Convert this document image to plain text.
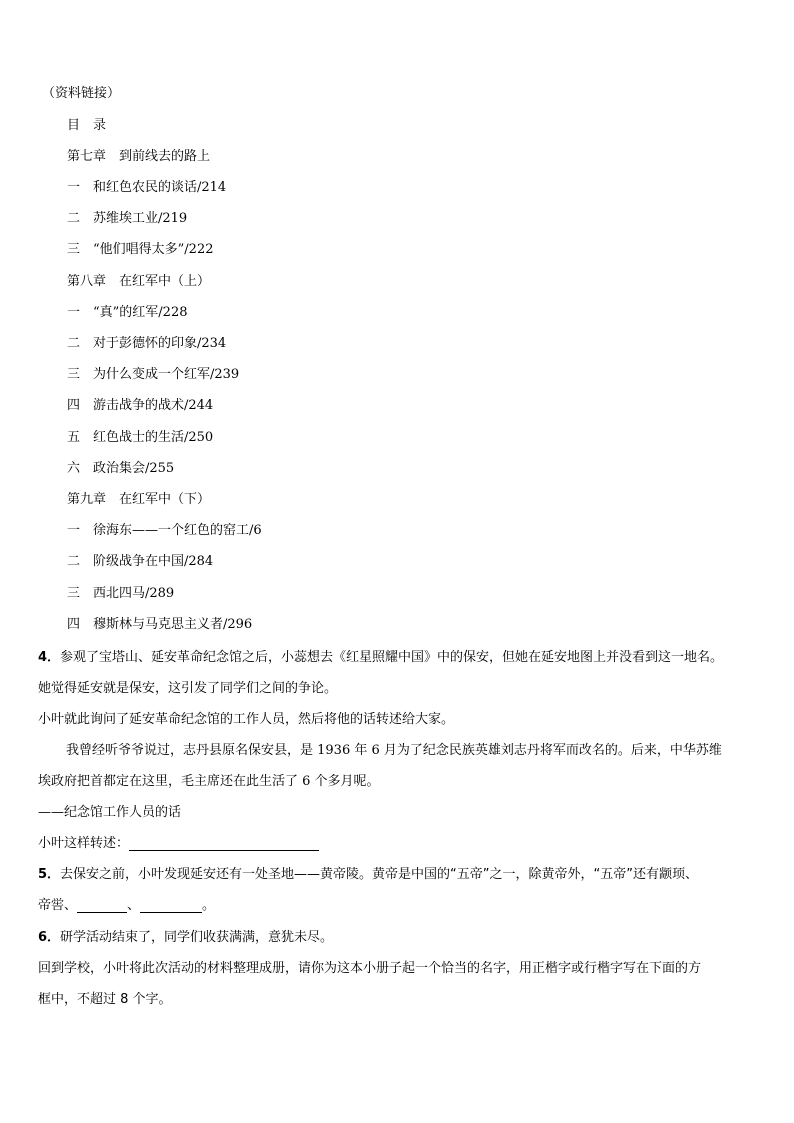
（资料链接）
目　录
第七章　到前线去的路上
一　和红色农民的谈话/214
二　苏维埃工业/219
三　“他们唱得太多”/222
第八章　在红军中（上）
一　“真”的红军/228
二　对于彭德怀的印象/234
三　为什么变成一个红军/239
四　游击战争的战术/244
五　红色战士的生活/250
六　政治集会/255
第九章　在红军中（下）
一　徐海东——一个红色的窑工/6
二　阶级战争在中国/284
三　西北四马/289
四　穆斯林与马克思主义者/296
4．参观了宝塔山、延安革命纪念馆之后，小蕊想去《红星照耀中国》中的保安，但她在延安地图上并没看到这一地名。
她觉得延安就是保安，这引发了同学们之间的争论。
小叶就此询问了延安革命纪念馆的工作人员，然后将他的话转述给大家。
我曾经听爷爷说过，志丹县原名保安县，是 1936 年 6 月为了纪念民族英雄刘志丹将军而改名的。后来，中华苏维
埃政府把首都定在这里，毛主席还在此生活了 6 个多月呢。
——纪念馆工作人员的话
小叶这样转述：
5．去保安之前，小叶发现延安还有一处圣地——黄帝陵。黄帝是中国的“五帝”之一，除黄帝外，“五帝”还有颛顼、
帝喾、	、	。
6．研学活动结束了，同学们收获满满，意犹未尽。
回到学校，小叶将此次活动的材料整理成册，请你为这本小册子起一个恰当的名字，用正楷字或行楷字写在下面的方
框中，不超过 8 个字。
